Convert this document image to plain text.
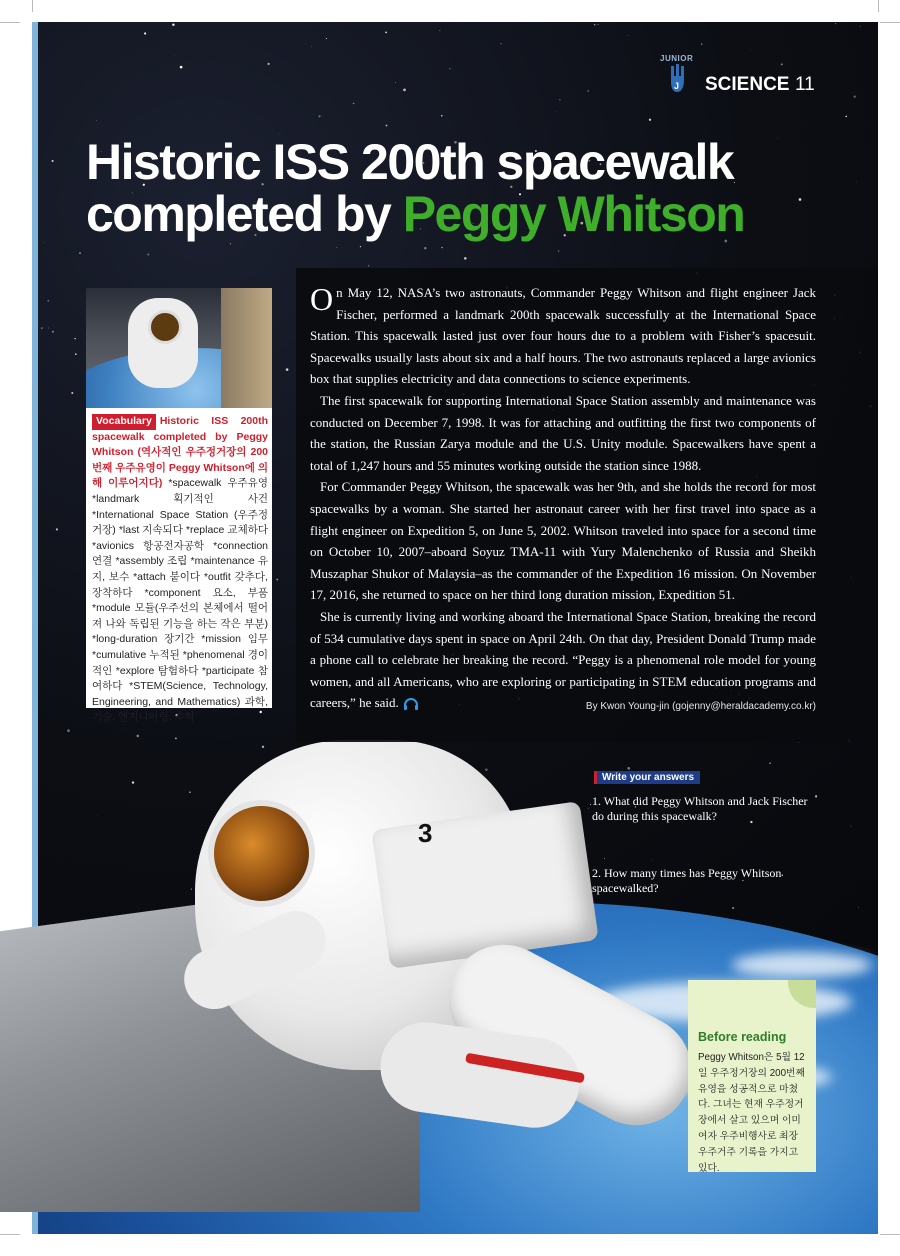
3
JUNIOR
J SCIENCE 11
Historic ISS 200th spacewalk
completed by Peggy Whitson
Vocabulary Historic ISS 200th spacewalk completed by Peggy Whitson (역사적인 우주정거장의 200번째 우주유영이 Peggy Whitson에 의해 이루어지다) *spacewalk 우주유영 *landmark 획기적인 사건 *International Space Station (우주정거장) *last 지속되다 *replace 교체하다 *avionics 항공전자공학 *connection 연결 *assembly 조립 *maintenance 유지, 보수 *attach 붙이다 *outfit 갖추다, 장착하다 *component 요소, 부품 *module 모듈(우주선의 본체에서 떨어져 나와 독립된 기능을 하는 작은 부분) *long-duration 장기간 *mission 임무 *cumulative 누적된 *phenomenal 경이적인 *explore 탐험하다 *participate 참여하다 *STEM(Science, Technology, Engineering, and Mathematics) 과학, 기술, 엔지니어링, 수학

On May 12, NASA’s two astronauts, Commander Peggy Whitson and flight engineer Jack Fischer, performed a landmark 200th spacewalk successfully at the International Space Station. This spacewalk lasted just over four hours due to a problem with Fisher’s spacesuit. Spacewalks usually lasts about six and a half hours. The two astronauts replaced a large avionics box that supplies electricity and data connections to science experiments.

The first spacewalk for supporting International Space Station assembly and maintenance was conducted on December 7, 1998. It was for attaching and outfitting the first two components of the station, the Russian Zarya module and the U.S. Unity module. Spacewalkers have spent a total of 1,247 hours and 55 minutes working outside the station since 1988.

For Commander Peggy Whitson, the spacewalk was her 9th, and she holds the record for most spacewalks by a woman. She started her astronaut career with her first travel into space as a flight engineer on Expedition 5, on June 5, 2002. Whitson traveled into space for a second time on October 10, 2007–aboard Soyuz TMA-11 with Yury Malenchenko of Russia and Sheikh Muszaphar Shukor of Malaysia–as the commander of the Expedition 16 mission. On November 17, 2016, she returned to space on her third long duration mission, Expedition 51.

She is currently living and working aboard the International Space Station, breaking the record of 534 cumulative days spent in space on April 24th. On that day, President Donald Trump made a phone call to celebrate her breaking the record. “Peggy is a phenomenal role model for young women, and all Americans, who are exploring or participating in STEM education programs and careers,” he said.	By Kwon Young-jin (gojenny@heraldacademy.co.kr)

Write your answers
1. What did Peggy Whitson and Jack Fischer do during this spacewalk?
2. How many times has Peggy Whitson spacewalked?
Before reading
Peggy Whitson은 5월 12일 우주정거장의 200번째 유영을 성공적으로 마쳤다. 그녀는 현재 우주정거장에서 살고 있으며 이미 여자 우주비행사로 최장 우주거주 기록을 가지고 있다.
